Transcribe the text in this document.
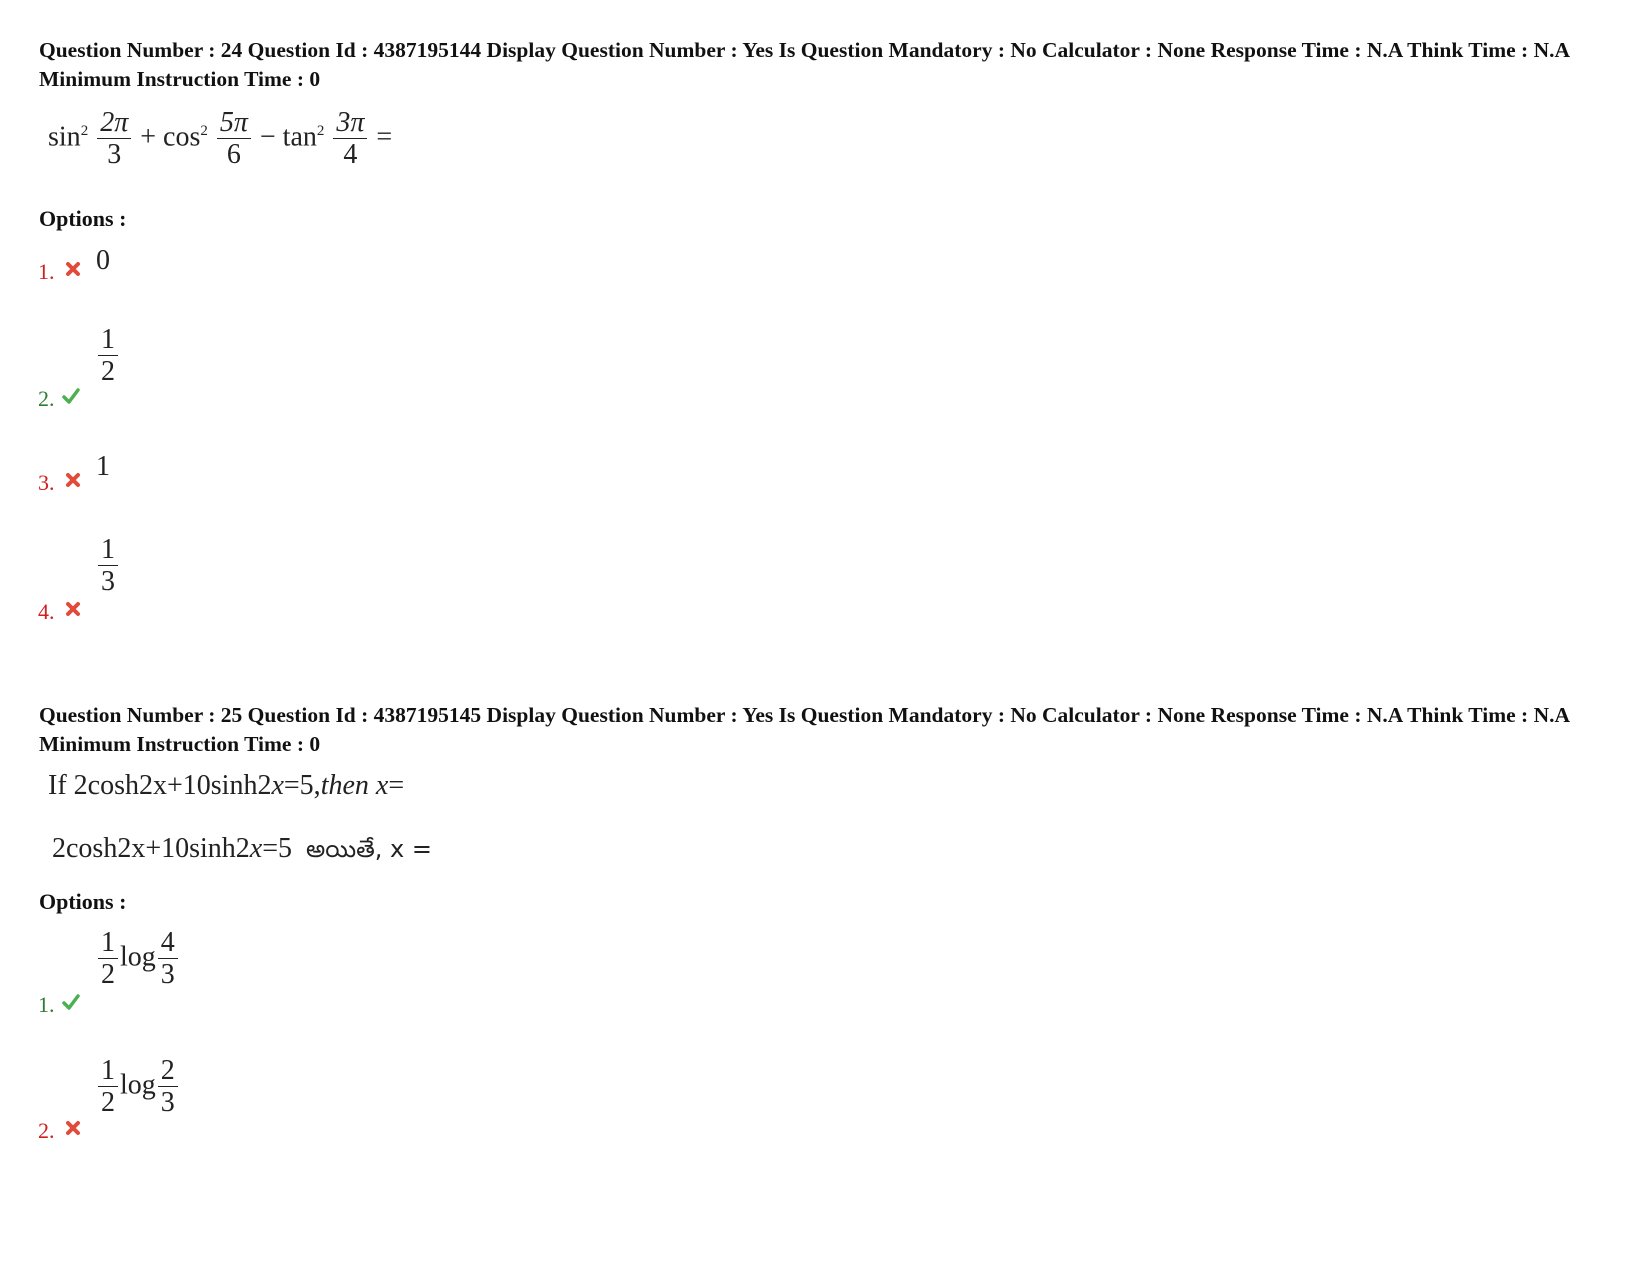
Question Number : 24 Question Id : 4387195144 Display Question Number : Yes Is Question Mandatory : No Calculator : None Response Time : N.A Think Time : N.A Minimum Instruction Time : 0
$\sin^2 \frac{2\pi}{3} + \cos^2 \frac{5\pi}{6} - \tan^2 \frac{3\pi}{4}$ =
Options :
1. 0
2.
$\frac{1}{2}$
3.
1
4.
$\frac{1}{3}$
Question Number : 25 Question Id : 4387195145 Display Question Number : Yes Is Question Mandatory : No Calculator : None Response Time : N.A Think Time : N.A Minimum Instruction Time : 0
If 2cosh2x+10sinh2x=5,then x=
2cosh2x+10sinh2x=5 అయితే, x =
Options :
1.
$\frac{1}{2}$ $\log \frac{4}{3}$
2.
$\frac{1}{2}$ $\log \frac{2}{3}$
